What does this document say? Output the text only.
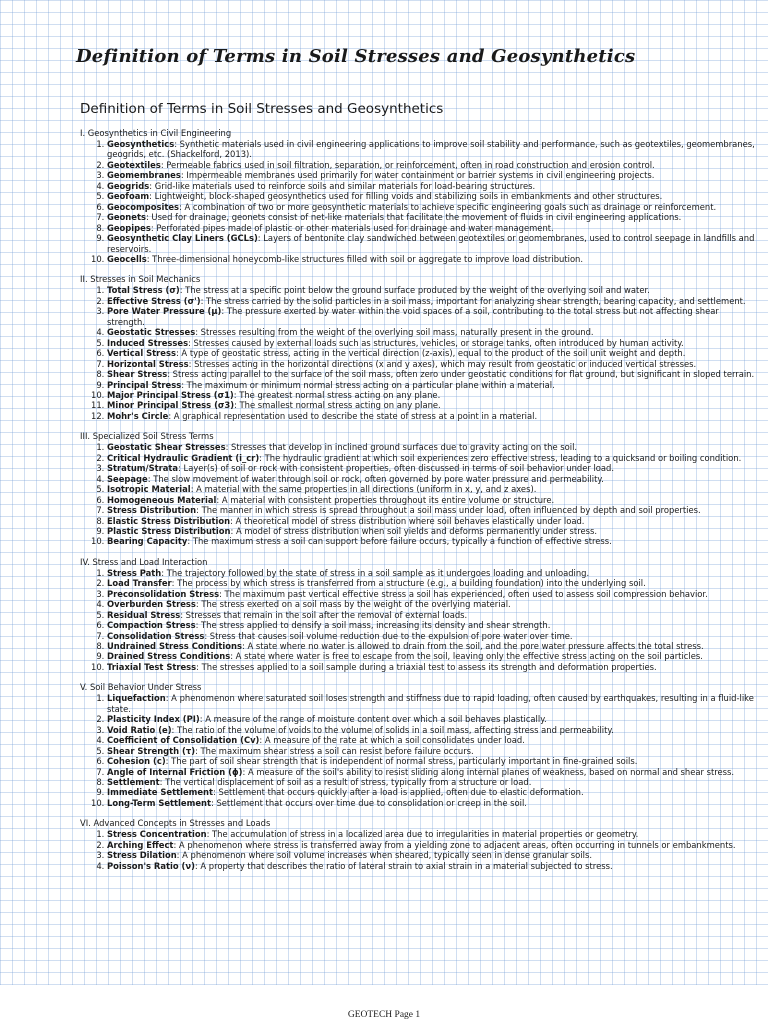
Definition of Terms in Soil Stresses and Geosynthetics
Definition of Terms in Soil Stresses and Geosynthetics
I. Geosynthetics in Civil Engineering
1. Geosynthetics: Synthetic materials used in civil engineering applications to improve soil stability and performance, such as geotextiles, geomembranes, geogrids, etc. (Shackelford, 2013).
2. Geotextiles: Permeable fabrics used in soil filtration, separation, or reinforcement, often in road construction and erosion control.
3. Geomembranes: Impermeable membranes used primarily for water containment or barrier systems in civil engineering projects.
4. Geogrids: Grid-like materials used to reinforce soils and similar materials for load-bearing structures.
5. Geofoam: Lightweight, block-shaped geosynthetics used for filling voids and stabilizing soils in embankments and other structures.
6. Geocomposites: A combination of two or more geosynthetic materials to achieve specific engineering goals such as drainage or reinforcement.
7. Geonets: Used for drainage, geonets consist of net-like materials that facilitate the movement of fluids in civil engineering applications.
8. Geopipes: Perforated pipes made of plastic or other materials used for drainage and water management.
9. Geosynthetic Clay Liners (GCLs): Layers of bentonite clay sandwiched between geotextiles or geomembranes, used to control seepage in landfills and reservoirs.
10. Geocells: Three-dimensional honeycomb-like structures filled with soil or aggregate to improve load distribution.
II. Stresses in Soil Mechanics
1. Total Stress (σ): The stress at a specific point below the ground surface produced by the weight of the overlying soil and water.
2. Effective Stress (σ'): The stress carried by the solid particles in a soil mass, important for analyzing shear strength, bearing capacity, and settlement.
3. Pore Water Pressure (μ): The pressure exerted by water within the void spaces of a soil, contributing to the total stress but not affecting shear strength.
4. Geostatic Stresses: Stresses resulting from the weight of the overlying soil mass, naturally present in the ground.
5. Induced Stresses: Stresses caused by external loads such as structures, vehicles, or storage tanks, often introduced by human activity.
6. Vertical Stress: A type of geostatic stress, acting in the vertical direction (z-axis), equal to the product of the soil unit weight and depth.
7. Horizontal Stress: Stresses acting in the horizontal directions (x and y axes), which may result from geostatic or induced vertical stresses.
8. Shear Stress: Stress acting parallel to the surface of the soil mass, often zero under geostatic conditions for flat ground, but significant in sloped terrain.
9. Principal Stress: The maximum or minimum normal stress acting on a particular plane within a material.
10. Major Principal Stress (σ1): The greatest normal stress acting on any plane.
11. Minor Principal Stress (σ3): The smallest normal stress acting on any plane.
12. Mohr's Circle: A graphical representation used to describe the state of stress at a point in a material.
III. Specialized Soil Stress Terms
1. Geostatic Shear Stresses: Stresses that develop in inclined ground surfaces due to gravity acting on the soil.
2. Critical Hydraulic Gradient (i_cr): The hydraulic gradient at which soil experiences zero effective stress, leading to a quicksand or boiling condition.
3. Stratum/Strata: Layer(s) of soil or rock with consistent properties, often discussed in terms of soil behavior under load.
4. Seepage: The slow movement of water through soil or rock, often governed by pore water pressure and permeability.
5. Isotropic Material: A material with the same properties in all directions (uniform in x, y, and z axes).
6. Homogeneous Material: A material with consistent properties throughout its entire volume or structure.
7. Stress Distribution: The manner in which stress is spread throughout a soil mass under load, often influenced by depth and soil properties.
8. Elastic Stress Distribution: A theoretical model of stress distribution where soil behaves elastically under load.
9. Plastic Stress Distribution: A model of stress distribution when soil yields and deforms permanently under stress.
10. Bearing Capacity: The maximum stress a soil can support before failure occurs, typically a function of effective stress.
IV. Stress and Load Interaction
1. Stress Path: The trajectory followed by the state of stress in a soil sample as it undergoes loading and unloading.
2. Load Transfer: The process by which stress is transferred from a structure (e.g., a building foundation) into the underlying soil.
3. Preconsolidation Stress: The maximum past vertical effective stress a soil has experienced, often used to assess soil compression behavior.
4. Overburden Stress: The stress exerted on a soil mass by the weight of the overlying material.
5. Residual Stress: Stresses that remain in the soil after the removal of external loads.
6. Compaction Stress: The stress applied to densify a soil mass, increasing its density and shear strength.
7. Consolidation Stress: Stress that causes soil volume reduction due to the expulsion of pore water over time.
8. Undrained Stress Conditions: A state where no water is allowed to drain from the soil, and the pore water pressure affects the total stress.
9. Drained Stress Conditions: A state where water is free to escape from the soil, leaving only the effective stress acting on the soil particles.
10. Triaxial Test Stress: The stresses applied to a soil sample during a triaxial test to assess its strength and deformation properties.
V. Soil Behavior Under Stress
1. Liquefaction: A phenomenon where saturated soil loses strength and stiffness due to rapid loading, often caused by earthquakes, resulting in a fluid-like state.
2. Plasticity Index (PI): A measure of the range of moisture content over which a soil behaves plastically.
3. Void Ratio (e): The ratio of the volume of voids to the volume of solids in a soil mass, affecting stress and permeability.
4. Coefficient of Consolidation (Cv): A measure of the rate at which a soil consolidates under load.
5. Shear Strength (τ): The maximum shear stress a soil can resist before failure occurs.
6. Cohesion (c): The part of soil shear strength that is independent of normal stress, particularly important in fine-grained soils.
7. Angle of Internal Friction (ϕ): A measure of the soil's ability to resist sliding along internal planes of weakness, based on normal and shear stress.
8. Settlement: The vertical displacement of soil as a result of stress, typically from a structure or load.
9. Immediate Settlement: Settlement that occurs quickly after a load is applied, often due to elastic deformation.
10. Long-Term Settlement: Settlement that occurs over time due to consolidation or creep in the soil.
VI. Advanced Concepts in Stresses and Loads
1. Stress Concentration: The accumulation of stress in a localized area due to irregularities in material properties or geometry.
2. Arching Effect: A phenomenon where stress is transferred away from a yielding zone to adjacent areas, often occurring in tunnels or embankments.
3. Stress Dilation: A phenomenon where soil volume increases when sheared, typically seen in dense granular soils.
4. Poisson's Ratio (ν): A property that describes the ratio of lateral strain to axial strain in a material subjected to stress.
GEOTECH Page 1
